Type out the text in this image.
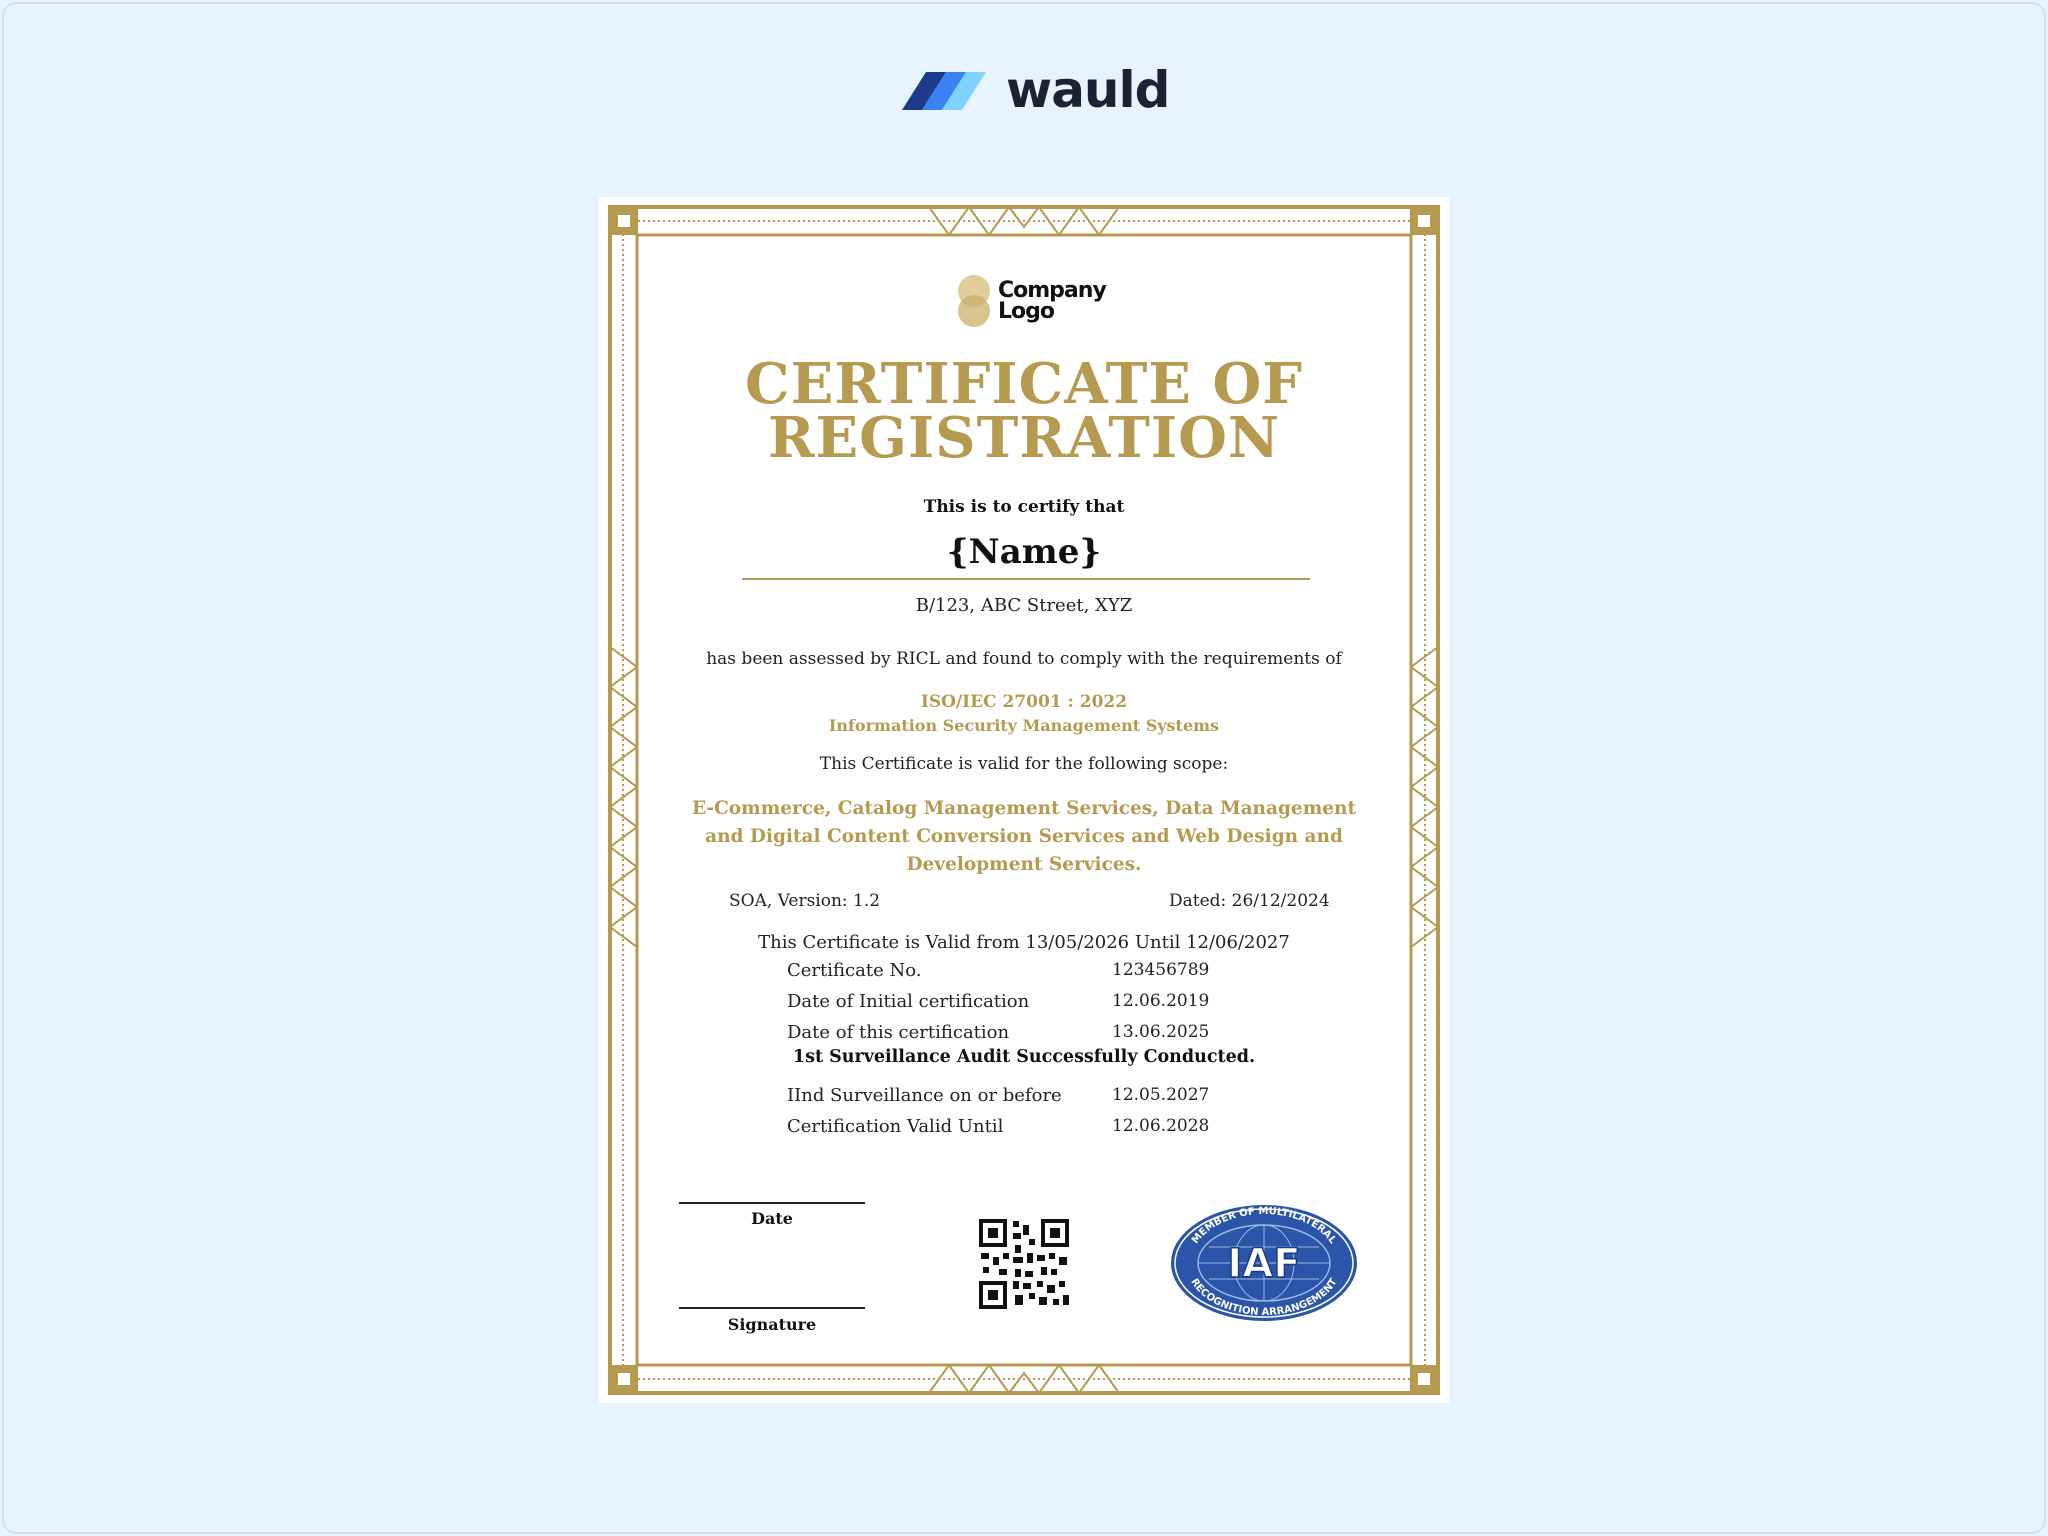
wauld
Company
Logo
CERTIFICATE OF
REGISTRATION
This is to certify that
{Name}
B/123, ABC Street, XYZ
has been assessed by RICL and found to comply with the requirements of
ISO/IEC 27001 : 2022
Information Security Management Systems
This Certificate is valid for the following scope:
E-Commerce, Catalog Management Services, Data Management and Digital Content Conversion Services and Web Design and Development Services.
SOA, Version: 1.2	Dated: 26/12/2024
This Certificate is Valid from 13/05/2026 Until 12/06/2027
Certificate No.	123456789
Date of Initial certification	12.06.2019
Date of this certification	13.06.2025
1st Surveillance Audit Successfully Conducted.
IInd Surveillance on or before	12.05.2027
Certification Valid Until	12.06.2028
Date
Signature
IAF
MEMBER OF MULTILATERAL
RECOGNITION ARRANGEMENT
